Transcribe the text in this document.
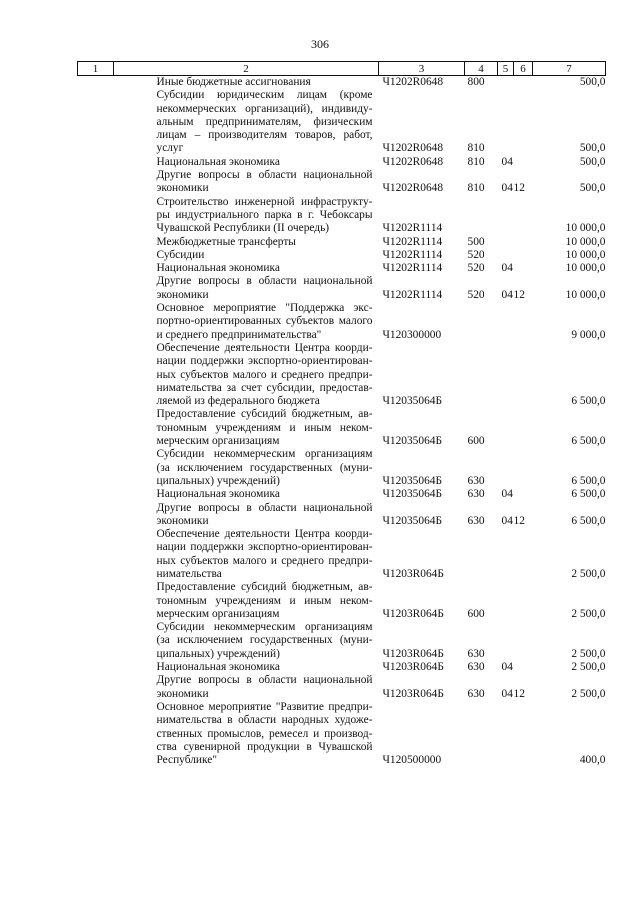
306
1	2	3	4	5	6	7
	Иные бюджетные ассигнования	Ч1202R0648	800			500,0
	Субсидии юридическим лицам (кроме некоммерческих организаций), индивиду-альным предпринимателям, физическим лицам – производителям товаров, работ, услуг	Ч1202R0648	810			500,0
	Национальная экономика	Ч1202R0648	810	04		500,0
	Другие вопросы в области национальной экономики	Ч1202R0648	810	04	12	500,0
	Строительство инженерной инфраструкту-ры индустриального парка в г. Чебоксары Чувашской Республики (II очередь)	Ч1202R1114				10 000,0
	Межбюджетные трансферты	Ч1202R1114	500			10 000,0
	Субсидии	Ч1202R1114	520			10 000,0
	Национальная экономика	Ч1202R1114	520	04		10 000,0
	Другие вопросы в области национальной экономики	Ч1202R1114	520	04	12	10 000,0
	Основное мероприятие "Поддержка экс-портно-ориентированных субъектов малого и среднего предпринимательства"	Ч120300000				9 000,0
	Обеспечение деятельности Центра коорди-нации поддержки экспортно-ориентирован-ных субъектов малого и среднего предпри-нимательства за счет субсидии, предостав-ляемой из федерального бюджета	Ч12035064Б				6 500,0
	Предоставление субсидий бюджетным, ав-тономным учреждениям и иным неком-мерческим организациям	Ч12035064Б	600			6 500,0
	Субсидии некоммерческим организациям (за исключением государственных (муни-ципальных) учреждений)	Ч12035064Б	630			6 500,0
	Национальная экономика	Ч12035064Б	630	04		6 500,0
	Другие вопросы в области национальной экономики	Ч12035064Б	630	04	12	6 500,0
	Обеспечение деятельности Центра коорди-нации поддержки экспортно-ориентирован-ных субъектов малого и среднего предпри-нимательства	Ч1203R064Б				2 500,0
	Предоставление субсидий бюджетным, ав-тономным учреждениям и иным неком-мерческим организациям	Ч1203R064Б	600			2 500,0
	Субсидии некоммерческим организациям (за исключением государственных (муни-ципальных) учреждений)	Ч1203R064Б	630			2 500,0
	Национальная экономика	Ч1203R064Б	630	04		2 500,0
	Другие вопросы в области национальной экономики	Ч1203R064Б	630	04	12	2 500,0
	Основное мероприятие "Развитие предпри-нимательства в области народных художе-ственных промыслов, ремесел и производ-ства сувенирной продукции в Чувашской Республике"	Ч120500000				400,0
